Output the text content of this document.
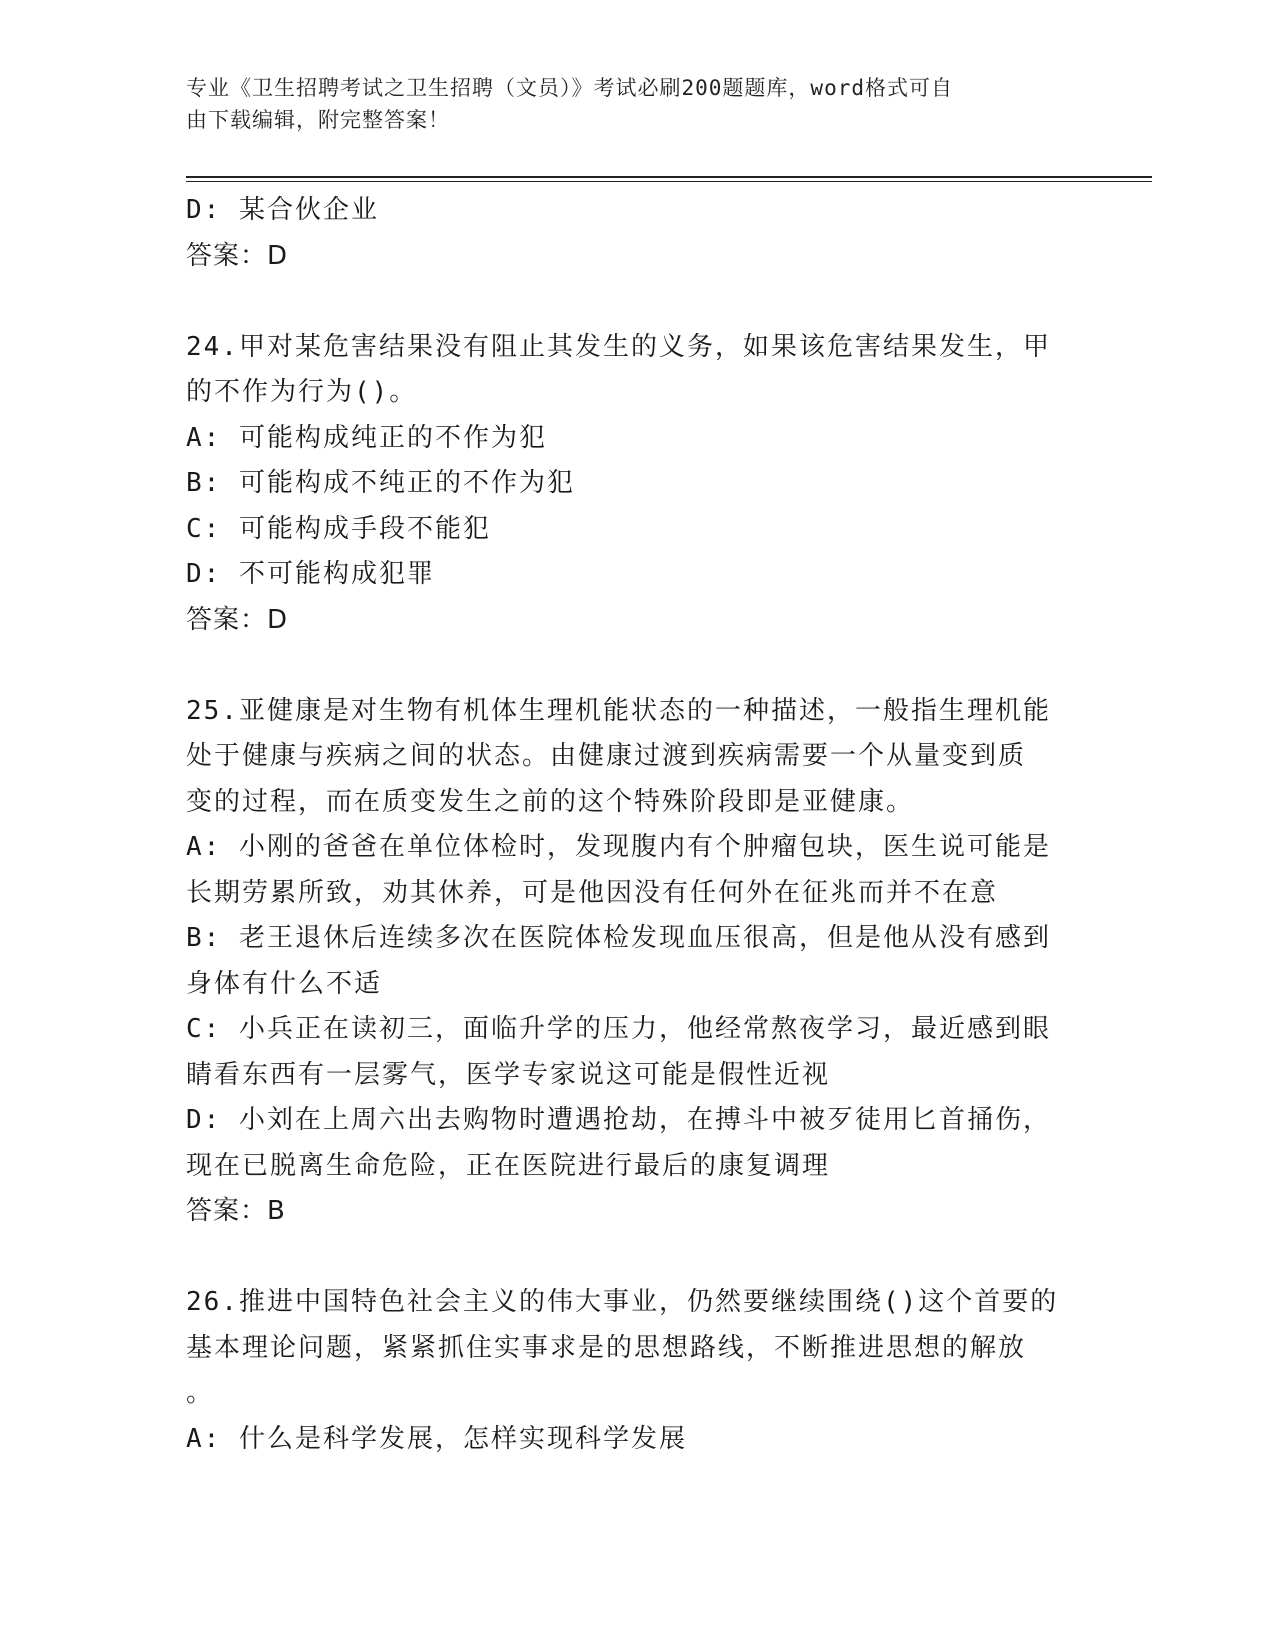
专业《卫生招聘考试之卫生招聘（文员）》考试必刷200题题库，word格式可自
由下载编辑，附完整答案！
D: 某合伙企业
答案：D
24.甲对某危害结果没有阻止其发生的义务，如果该危害结果发生，甲
的不作为行为()。
A: 可能构成纯正的不作为犯
B: 可能构成不纯正的不作为犯
C: 可能构成手段不能犯
D: 不可能构成犯罪
答案：D
25.亚健康是对生物有机体生理机能状态的一种描述，一般指生理机能
处于健康与疾病之间的状态。由健康过渡到疾病需要一个从量变到质
变的过程，而在质变发生之前的这个特殊阶段即是亚健康。
A: 小刚的爸爸在单位体检时，发现腹内有个肿瘤包块，医生说可能是
长期劳累所致，劝其休养，可是他因没有任何外在征兆而并不在意
B: 老王退休后连续多次在医院体检发现血压很高，但是他从没有感到
身体有什么不适
C: 小兵正在读初三，面临升学的压力，他经常熬夜学习，最近感到眼
睛看东西有一层雾气，医学专家说这可能是假性近视
D: 小刘在上周六出去购物时遭遇抢劫，在搏斗中被歹徒用匕首捅伤，
现在已脱离生命危险，正在医院进行最后的康复调理
答案：B
26.推进中国特色社会主义的伟大事业，仍然要继续围绕()这个首要的
基本理论问题，紧紧抓住实事求是的思想路线，不断推进思想的解放
。
A: 什么是科学发展，怎样实现科学发展
